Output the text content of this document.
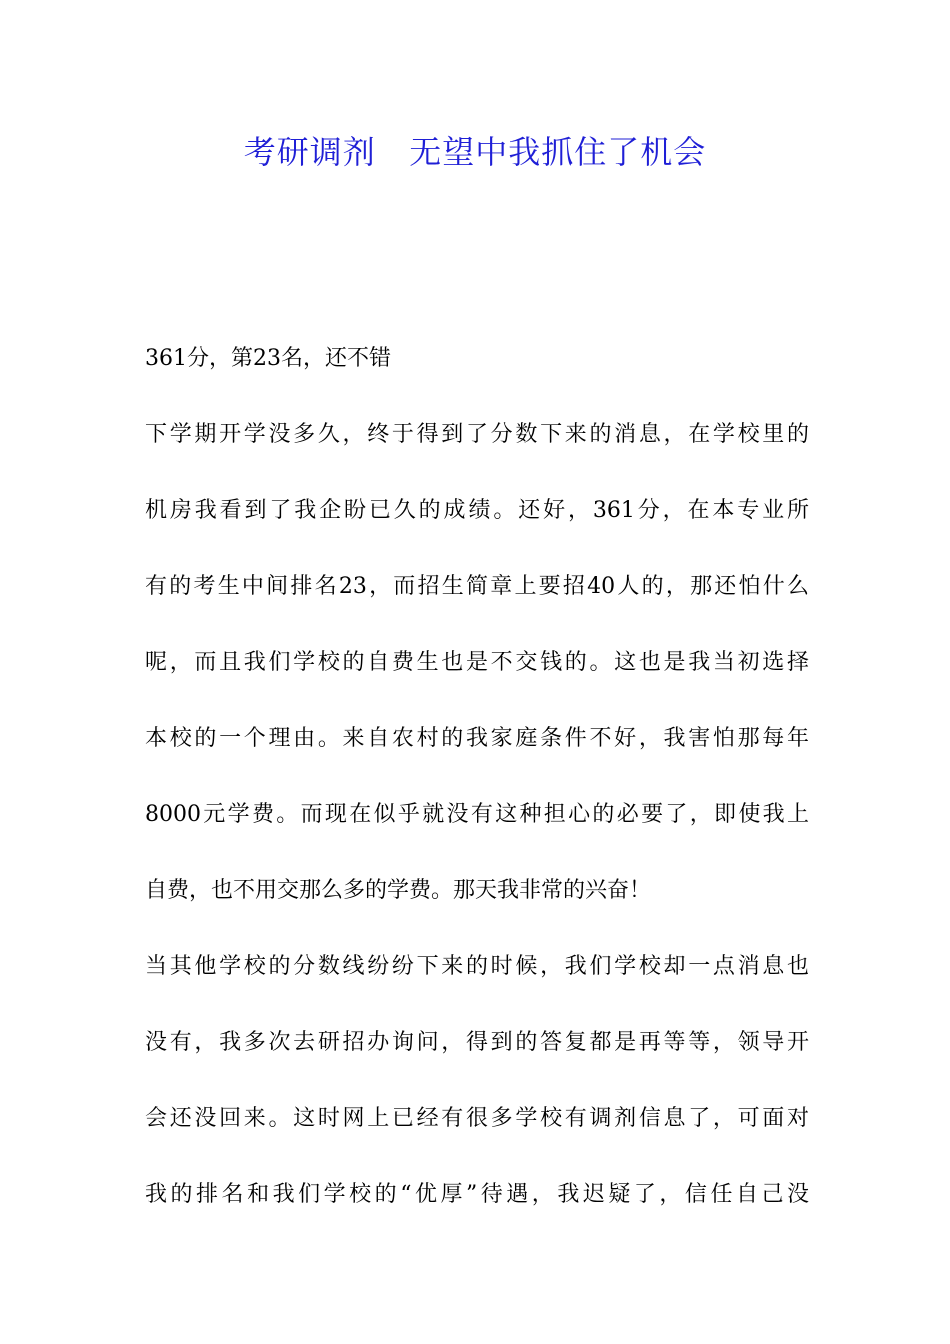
考研调剂   无望中我抓住了机会
361分，第23名，还不错
下学期开学没多久，终于得到了分数下来的消息，在学校里的
机房我看到了我企盼已久的成绩。还好，361分，在本专业所
有的考生中间排名23，而招生简章上要招40人的，那还怕什么
呢，而且我们学校的自费生也是不交钱的。这也是我当初选择
本校的一个理由。来自农村的我家庭条件不好，我害怕那每年
8000元学费。而现在似乎就没有这种担心的必要了，即使我上
自费，也不用交那么多的学费。那天我非常的兴奋！
当其他学校的分数线纷纷下来的时候，我们学校却一点消息也
没有，我多次去研招办询问，得到的答复都是再等等，领导开
会还没回来。这时网上已经有很多学校有调剂信息了，可面对
我的排名和我们学校的“优厚”待遇，我迟疑了，信任自己没
